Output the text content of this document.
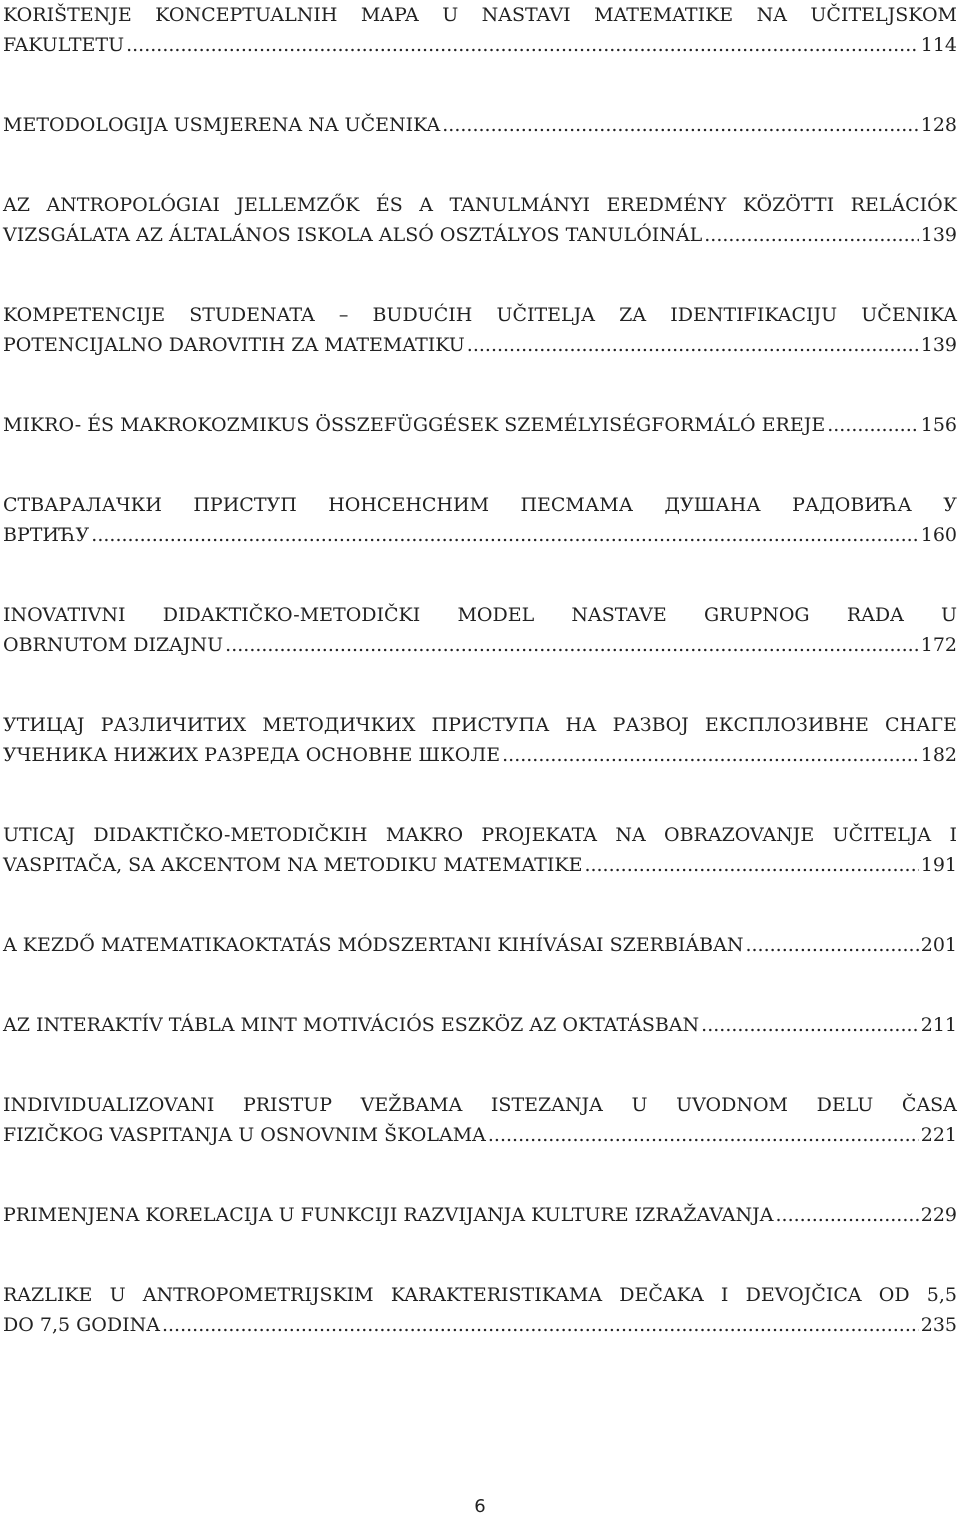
KORIŠTENJE KONCEPTUALNIH MAPA U NASTAVI MATEMATIKE NA UČITELJSKOM
FAKULTETU .....	114
METODOLOGIJA USMJERENA NA UČENIKA .....	128
AZ ANTROPOLÓGIAI JELLEMZŐK ÉS A TANULMÁNYI EREDMÉNY KÖZÖTTI RELÁCIÓK
VIZSGÁLATA AZ ÁLTALÁNOS ISKOLA ALSÓ OSZTÁLYOS TANULÓINÁL .....	139
KOMPETENCIJE STUDENATA – BUDUĆIH UČITELJA ZA IDENTIFIKACIJU UČENIKA
POTENCIJALNO DAROVITIH ZA MATEMATIKU .....	139
MIKRO- ÉS MAKROKOZMIKUS ÖSSZEFÜGGÉSEK SZEMÉLYISÉGFORMÁLÓ EREJE .....	156
СТВАРАЛАЧКИ ПРИСТУП НОНСЕНСНИМ ПЕСМАМА ДУШАНА РАДОВИЋА У
ВРТИЋУ .....	160
INOVATIVNI DIDAKTIČKO-METODIČKI MODEL NASTAVE GRUPNOG RADA U
OBRNUTOM DIZAJNU .....	172
УТИЦАЈ РАЗЛИЧИТИХ МЕТОДИЧКИХ ПРИСТУПА НА РАЗВОЈ ЕКСПЛОЗИВНЕ СНАГЕ
УЧЕНИКА НИЖИХ РАЗРЕДА ОСНОВНЕ ШКОЛЕ .....	182
UTICAJ DIDAKTIČKO-METODIČKIH MAKRO PROJEKATA NA OBRAZOVANJE UČITELJA I
VASPITAČA, SA AKCENTOM NA METODIKU MATEMATIKE .....	191
A KEZDŐ MATEMATIKAOKTATÁS MÓDSZERTANI KIHÍVÁSAI SZERBIÁBAN .....	201
AZ INTERAKTÍV TÁBLA MINT MOTIVÁCIÓS ESZKÖZ AZ OKTATÁSBAN .....	211
INDIVIDUALIZOVANI PRISTUP VEŽBAMA ISTEZANJA U UVODNOM DELU ČASA
FIZIČKOG VASPITANJA U OSNOVNIM ŠKOLAMA .....	221
PRIMENJENA KORELACIJA U FUNKCIJI RAZVIJANJA KULTURE IZRAŽAVANJA .....	229
RAZLIKE U ANTROPOMETRIJSKIM KARAKTERISTIKAMA DEČAKA I DEVOJČICA OD 5,5
DO 7,5 GODINA .....	235
6
